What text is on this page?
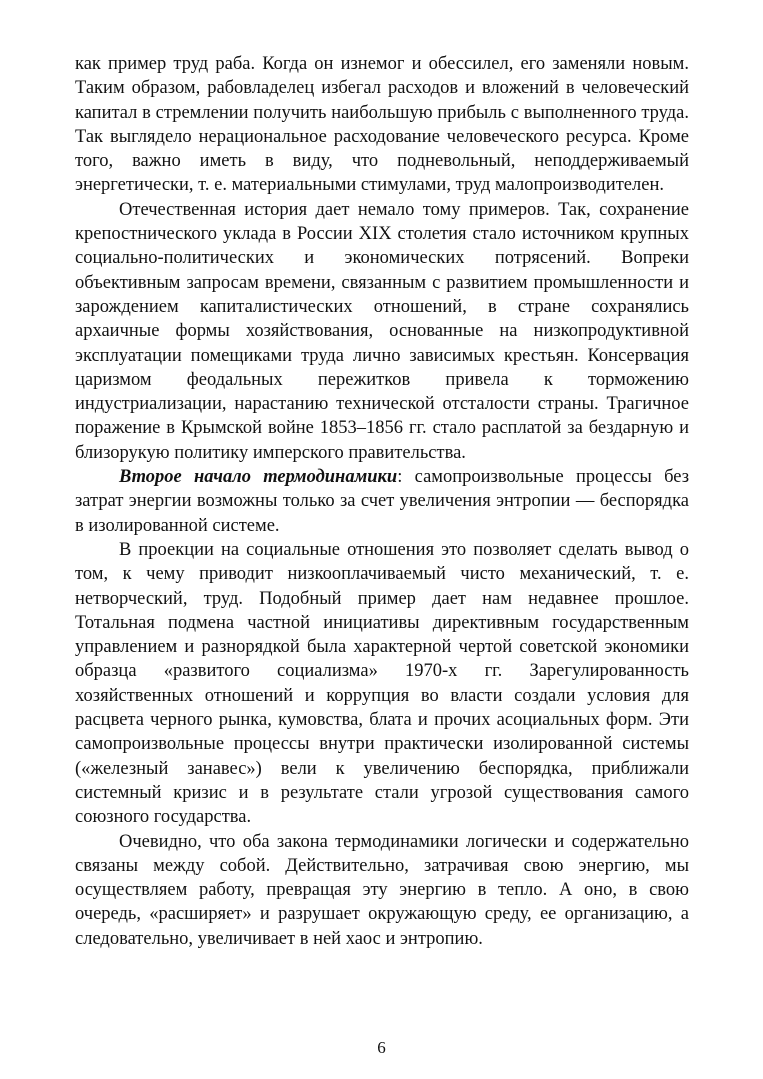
как пример труд раба. Когда он изнемог и обессилел, его заменяли новым. Таким образом, рабовладелец избегал расходов и вложений в человеческий капитал в стремлении получить наибольшую прибыль с выполненного труда. Так выглядело нерациональное расходование человеческого ресурса. Кроме того, важно иметь в виду, что подневольный, неподдерживаемый энергетически, т. е. материальными стимулами, труд малопроизводителен.

Отечественная история дает немало тому примеров. Так, сохранение крепостнического уклада в России XIX столетия стало источником крупных социально-политических и экономических потрясений. Вопреки объективным запросам времени, связанным с развитием промышленности и зарождением капиталистических отношений, в стране сохранялись архаичные формы хозяйствования, основанные на низкопродуктивной эксплуатации помещиками труда лично зависимых крестьян. Консервация царизмом феодальных пережитков привела к торможению индустриализации, нарастанию технической отсталости страны. Трагичное поражение в Крымской войне 1853–1856 гг. стало расплатой за бездарную и близорукую политику имперского правительства.

Второе начало термодинамики: самопроизвольные процессы без затрат энергии возможны только за счет увеличения энтропии — беспорядка в изолированной системе.

В проекции на социальные отношения это позволяет сделать вывод о том, к чему приводит низкооплачиваемый чисто механический, т. е. нетворческий, труд. Подобный пример дает нам недавнее прошлое. Тотальная подмена частной инициативы директивным государственным управлением и разнорядкой была характерной чертой советской экономики образца «развитого социализма» 1970-х гг. Зарегулированность хозяйственных отношений и коррупция во власти создали условия для расцвета черного рынка, кумовства, блата и прочих асоциальных форм. Эти самопроизвольные процессы внутри практически изолированной системы («железный занавес») вели к увеличению беспорядка, приближали системный кризис и в результате стали угрозой существования самого союзного государства.

Очевидно, что оба закона термодинамики логически и содержательно связаны между собой. Действительно, затрачивая свою энергию, мы осуществляем работу, превращая эту энергию в тепло. А оно, в свою очередь, «расширяет» и разрушает окружающую среду, ее организацию, а следовательно, увеличивает в ней хаос и энтропию.

6
